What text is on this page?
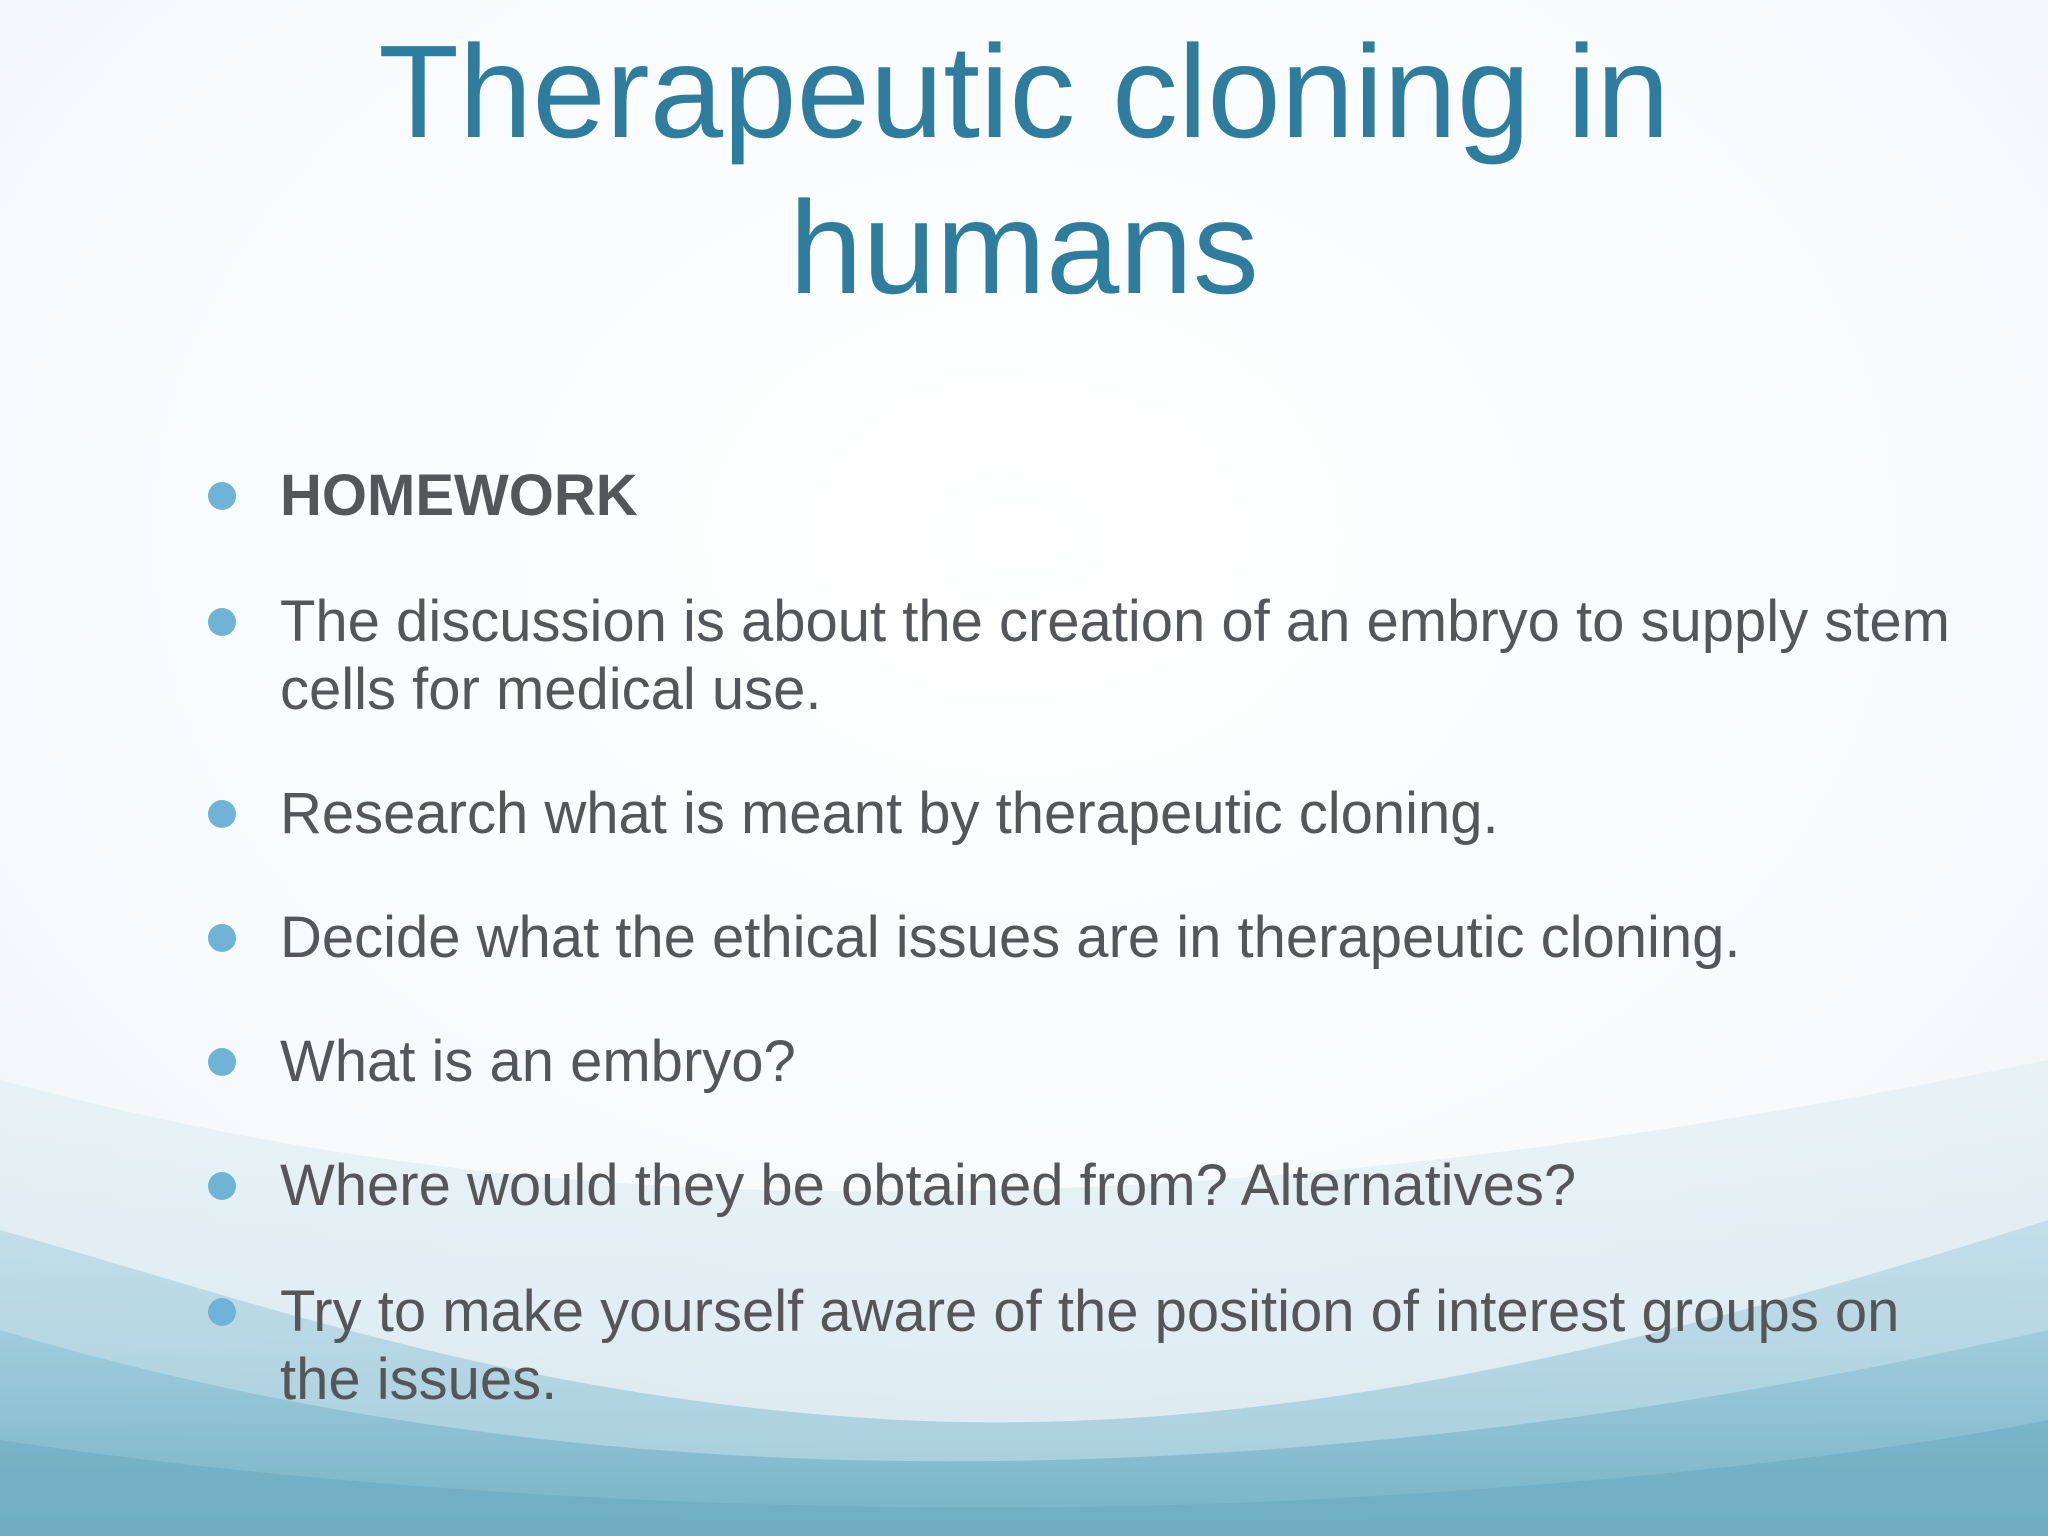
Therapeutic cloning in
humans
HOMEWORK
The discussion is about the creation of an embryo to supply stem cells for medical use.
Research what is meant by therapeutic cloning.
Decide what the ethical issues are in therapeutic cloning.
What is an embryo?
Where would they be obtained from? Alternatives?
Try to make yourself aware of the position of interest groups on the issues.
